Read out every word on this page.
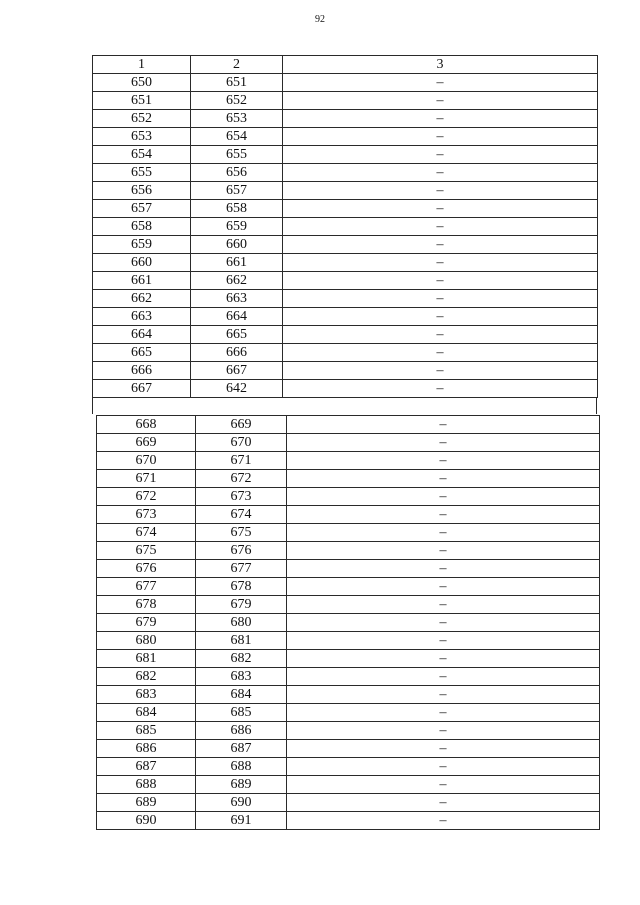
92
1	2	3
650	651	–
651	652	–
652	653	–
653	654	–
654	655	–
655	656	–
656	657	–
657	658	–
658	659	–
659	660	–
660	661	–
661	662	–
662	663	–
663	664	–
664	665	–
665	666	–
666	667	–
667	642	–
668	669	–
669	670	–
670	671	–
671	672	–
672	673	–
673	674	–
674	675	–
675	676	–
676	677	–
677	678	–
678	679	–
679	680	–
680	681	–
681	682	–
682	683	–
683	684	–
684	685	–
685	686	–
686	687	–
687	688	–
688	689	–
689	690	–
690	691	–
